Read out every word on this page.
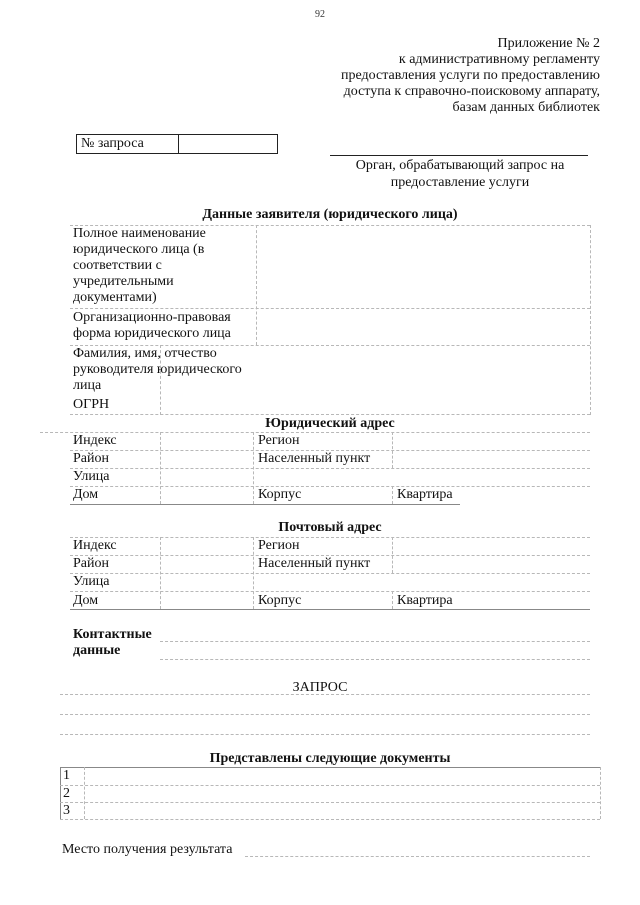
92
Приложение № 2
к административному регламенту
предоставления услуги по предоставлению
доступа к справочно-поисковому аппарату,
базам данных библиотек
№ запроса
Орган, обрабатывающий запрос на предоставление услуги
Данные заявителя (юридического лица)
Полное наименование юридического лица (в соответствии с учредительными документами)
Организационно-правовая форма юридического лица
Фамилия, имя, отчество руководителя юридического лица
ОГРН
Юридический адрес
Индекс	Регион
Район	Населенный пункт
Улица
Дом	Корпус	Квартира
Почтовый адрес
Индекс	Регион
Район	Населенный пункт
Улица
Дом	Корпус	Квартира
Контактные данные
ЗАПРОС
Представлены следующие документы
1
2
3
Место получения результата
